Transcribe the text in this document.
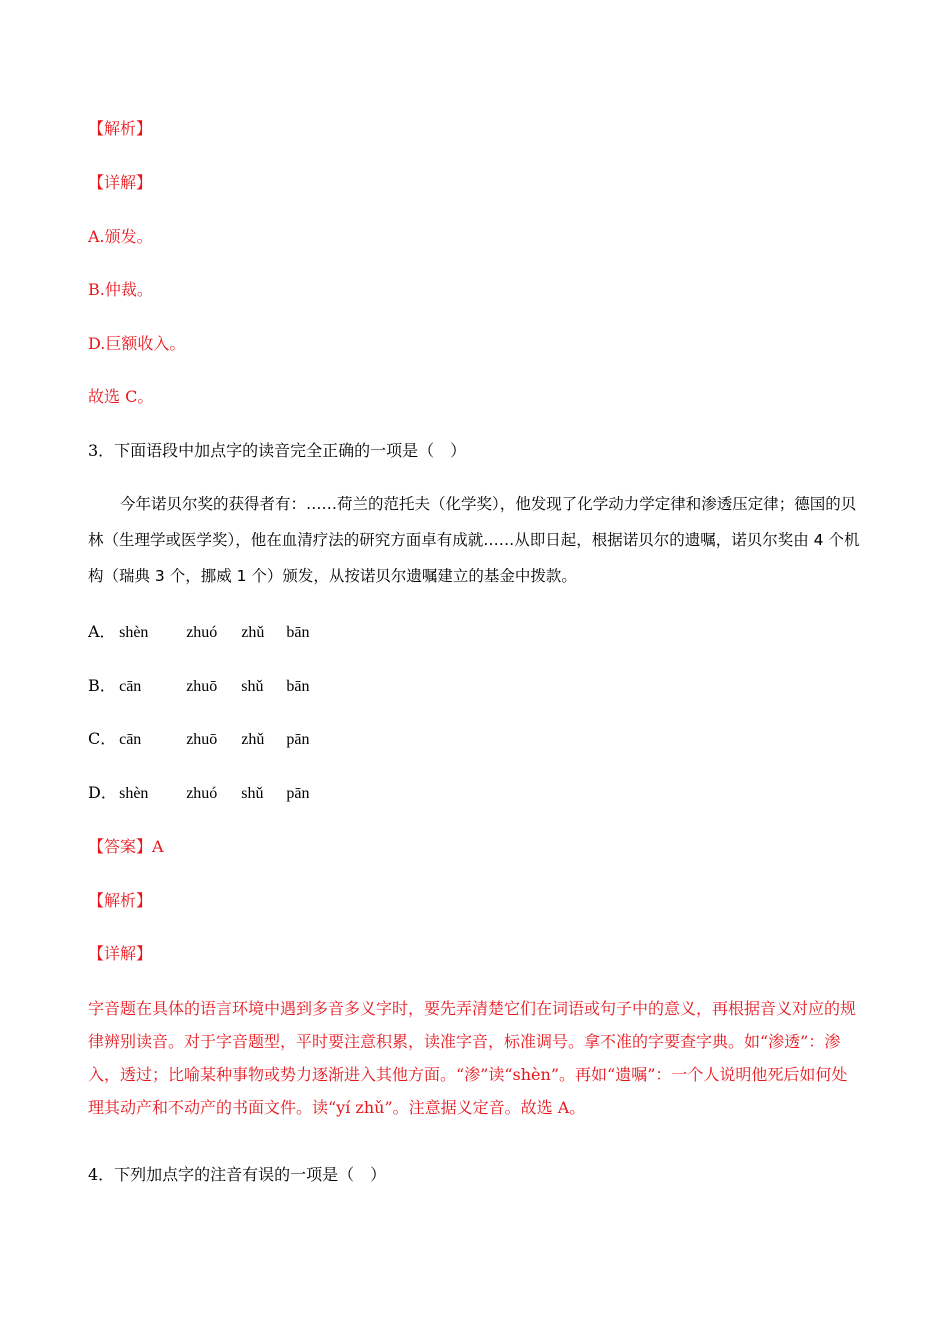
【解析】
【详解】
A.颁发。
B.仲裁。
D.巨额收入。
故选 C。
3．下面语段中加点字的读音完全正确的一项是（　）
今年诺贝尔奖的获得者有：……荷兰的范托夫（化学奖），他发现了化学动力学定律和渗透压定律；德国的贝林（生理学或医学奖），他在血清疗法的研究方面卓有成就……从即日起，根据诺贝尔的遗嘱，诺贝尔奖由 4 个机构（瑞典 3 个，挪威 1 个）颁发，从按诺贝尔遗嘱建立的基金中拨款。
A． shèn zhuó zhǔ bān
B． cān	zhuō shǔ bān
C． cān	zhuō zhǔ pān
D． shèn zhuó shǔ pān
【答案】A
【解析】
【详解】
字音题在具体的语言环境中遇到多音多义字时，要先弄清楚它们在词语或句子中的意义，再根据音义对应的规律辨别读音。对于字音题型，平时要注意积累，读准字音，标准调号。拿不准的字要查字典。如“渗透”：渗入，透过；比喻某种事物或势力逐渐进入其他方面。“渗”读“shèn”。再如“遗嘱”：一个人说明他死后如何处理其动产和不动产的书面文件。读“yí zhǔ”。注意据义定音。故选 A。
4．下列加点字的注音有误的一项是（　）
